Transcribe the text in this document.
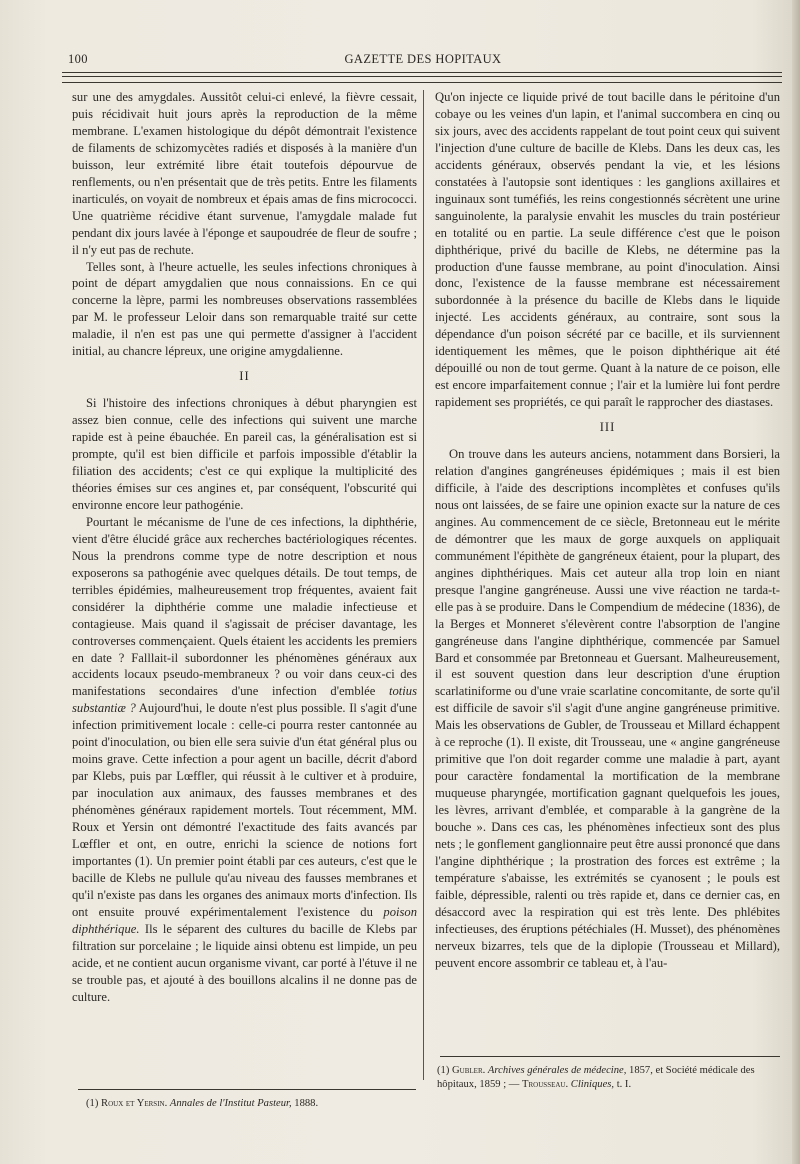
100	GAZETTE DES HOPITAUX

sur une des amygdales. Aussitôt celui-ci enlevé, la fièvre cessait, puis récidivait huit jours après la reproduction de la même membrane. L'examen histologique du dépôt démontrait l'existence de filaments de schizomycètes radiés et disposés à la manière d'un buisson, leur extrémité libre était toutefois dépourvue de renflements, ou n'en présentait que de très petits. Entre les filaments inarticulés, on voyait de nombreux et épais amas de fins micrococci. Une quatrième récidive étant survenue, l'amygdale malade fut pendant dix jours lavée à l'éponge et saupoudrée de fleur de soufre ; il n'y eut pas de rechute.

Telles sont, à l'heure actuelle, les seules infections chroniques à point de départ amygdalien que nous connaissions. En ce qui concerne la lèpre, parmi les nombreuses observations rassemblées par M. le professeur Leloir dans son remarquable traité sur cette maladie, il n'en est pas une qui permette d'assigner à l'accident initial, au chancre lépreux, une origine amygdalienne.

II

Si l'histoire des infections chroniques à début pharyngien est assez bien connue, celle des infections qui suivent une marche rapide est à peine ébauchée. En pareil cas, la généralisation est si prompte, qu'il est bien difficile et parfois impossible d'établir la filiation des accidents; c'est ce qui explique la multiplicité des théories émises sur ces angines et, par conséquent, l'obscurité qui environne encore leur pathogénie.

Pourtant le mécanisme de l'une de ces infections, la diphthérie, vient d'être élucidé grâce aux recherches bactériologiques récentes. Nous la prendrons comme type de notre description et nous exposerons sa pathogénie avec quelques détails. De tout temps, de terribles épidémies, malheureusement trop fréquentes, avaient fait considérer la diphthérie comme une maladie infectieuse et contagieuse. Mais quand il s'agissait de préciser davantage, les controverses commençaient. Quels étaient les accidents les premiers en date ? Falllait-il subordonner les phénomènes généraux aux accidents locaux pseudo-membraneux ? ou voir dans ceux-ci des manifestations secondaires d'une infection d'emblée totius substantiæ ? Aujourd'hui, le doute n'est plus possible. Il s'agit d'une infection primitivement locale : celle-ci pourra rester cantonnée au point d'inoculation, ou bien elle sera suivie d'un état général plus ou moins grave. Cette infection a pour agent un bacille, décrit d'abord par Klebs, puis par Lœffler, qui réussit à le cultiver et à produire, par inoculation aux animaux, des fausses membranes et des phénomènes généraux rapidement mortels. Tout récemment, MM. Roux et Yersin ont démontré l'exactitude des faits avancés par Lœffler et ont, en outre, enrichi la science de notions fort importantes (1). Un premier point établi par ces auteurs, c'est que le bacille de Klebs ne pullule qu'au niveau des fausses membranes et qu'il n'existe pas dans les organes des animaux morts d'infection. Ils ont ensuite prouvé expérimentalement l'existence du poison diphthérique. Ils le séparent des cultures du bacille de Klebs par filtration sur porcelaine ; le liquide ainsi obtenu est limpide, un peu acide, et ne contient aucun organisme vivant, car porté à l'étuve il ne se trouble pas, et ajouté à des bouillons alcalins il ne donne pas de culture.

(1) Roux et Yersin. Annales de l'Institut Pasteur, 1888.

Qu'on injecte ce liquide privé de tout bacille dans le péritoine d'un cobaye ou les veines d'un lapin, et l'animal succombera en cinq ou six jours, avec des accidents rappelant de tout point ceux qui suivent l'injection d'une culture de bacille de Klebs. Dans les deux cas, les accidents généraux, observés pendant la vie, et les lésions constatées à l'autopsie sont identiques : les ganglions axillaires et inguinaux sont tuméfiés, les reins congestionnés sécrètent une urine sanguinolente, la paralysie envahit les muscles du train postérieur en totalité ou en partie. La seule différence c'est que le poison diphthérique, privé du bacille de Klebs, ne détermine pas la production d'une fausse membrane, au point d'inoculation. Ainsi donc, l'existence de la fausse membrane est nécessairement subordonnée à la présence du bacille de Klebs dans le liquide injecté. Les accidents généraux, au contraire, sont sous la dépendance d'un poison sécrété par ce bacille, et ils surviennent identiquement les mêmes, que le poison diphthérique ait été dépouillé ou non de tout germe. Quant à la nature de ce poison, elle est encore imparfaitement connue ; l'air et la lumière lui font perdre rapidement ses propriétés, ce qui paraît le rapprocher des diastases.

III

On trouve dans les auteurs anciens, notamment dans Borsieri, la relation d'angines gangréneuses épidémiques ; mais il est bien difficile, à l'aide des descriptions incomplètes et confuses qu'ils nous ont laissées, de se faire une opinion exacte sur la nature de ces angines. Au commencement de ce siècle, Bretonneau eut le mérite de démontrer que les maux de gorge auxquels on appliquait communément l'épithète de gangréneux étaient, pour la plupart, des angines diphthériques. Mais cet auteur alla trop loin en niant presque l'angine gangréneuse. Aussi une vive réaction ne tarda-t-elle pas à se produire. Dans le Compendium de médecine (1836), de la Berges et Monneret s'élevèrent contre l'absorption de l'angine gangréneuse dans l'angine diphthérique, commencée par Samuel Bard et consommée par Bretonneau et Guersant. Malheureusement, il est souvent question dans leur description d'une éruption scarlatiniforme ou d'une vraie scarlatine concomitante, de sorte qu'il est difficile de savoir s'il s'agit d'une angine gangréneuse primitive. Mais les observations de Gubler, de Trousseau et Millard échappent à ce reproche (1). Il existe, dit Trousseau, une « angine gangréneuse primitive que l'on doit regarder comme une maladie à part, ayant pour caractère fondamental la mortification de la membrane muqueuse pharyngée, mortification gagnant quelquefois les joues, les lèvres, arrivant d'emblée, et comparable à la gangrène de la bouche ». Dans ces cas, les phénomènes infectieux sont des plus nets ; le gonflement ganglionnaire peut être aussi prononcé que dans l'angine diphthérique ; la prostration des forces est extrême ; la température s'abaisse, les extrémités se cyanosent ; le pouls est faible, dépressible, ralenti ou très rapide et, dans ce dernier cas, en désaccord avec la respiration qui est très lente. Des phlébites infectieuses, des éruptions pétéchiales (H. Musset), des phénomènes nerveux bizarres, tels que de la diplopie (Trousseau et Millard), peuvent encore assombrir ce tableau et, à l'au-

(1) Gubler. Archives générales de médecine, 1857, et Société médicale des hôpitaux, 1859 ; — Trousseau. Cliniques, t. I.
